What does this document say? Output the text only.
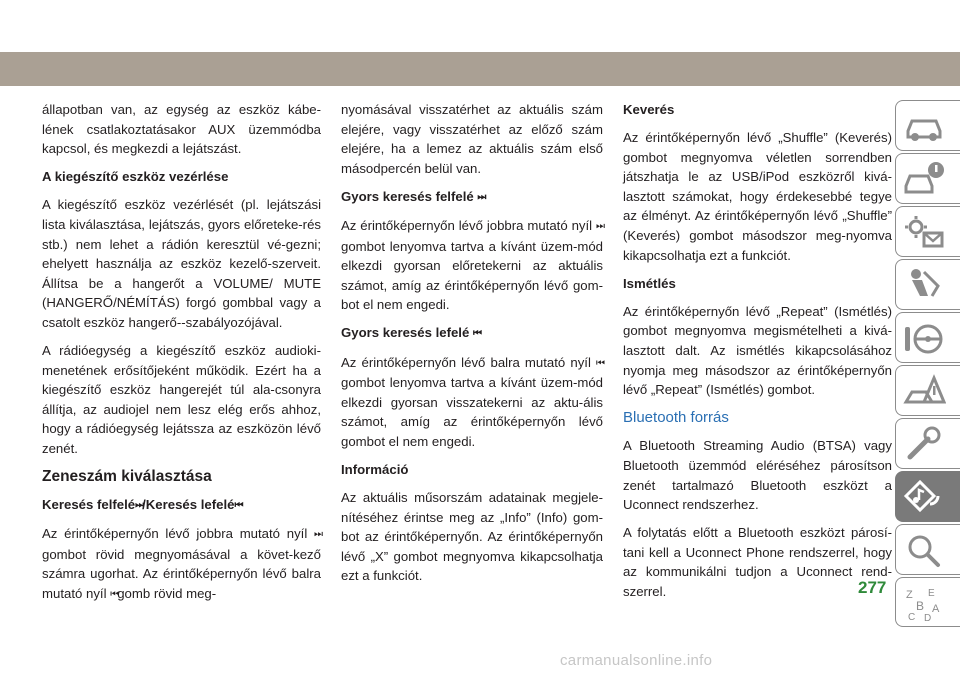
állapotban van, az egység az eszköz kábe-lének csatlakoztatásakor AUX üzemmódba kapcsol, és megkezdi a lejátszást.

A kiegészítő eszköz vezérlése

A kiegészítő eszköz vezérlését (pl. lejátszási lista kiválasztása, lejátszás, gyors előreteke-rés stb.) nem lehet a rádión keresztül vé-gezni; ehelyett használja az eszköz kezelő-szerveit. Állítsa be a hangerőt a VOLUME/ MUTE (HANGERŐ/NÉMÍTÁS) forgó gombbal vagy a csatolt eszköz hangerő--szabályozójával.

A rádióegység a kiegészítő eszköz audioki-menetének erősítőjeként működik. Ezért ha a kiegészítő eszköz hangerejét túl ala-csonyra állítja, az audiojel nem lesz elég erős ahhoz, hogy a rádióegység lejátssza az eszközön lévő zenét.

Zeneszám kiválasztása

Keresés felfelé⏭/Keresés lefelé⏮

Az érintőképernyőn lévő jobbra mutató nyíl ⏭ gombot rövid megnyomásával a követ-kező számra ugorhat. Az érintőképernyőn lévő balra mutató nyíl ⏮gomb rövid meg-

nyomásával visszatérhet az aktuális szám elejére, vagy visszatérhet az előző szám elejére, ha a lemez az aktuális szám első másodpercén belül van.

Gyors keresés felfelé ⏭

Az érintőképernyőn lévő jobbra mutató nyíl ⏭ gombot lenyomva tartva a kívánt üzem-mód elkezdi gyorsan előretekerni az aktuális számot, amíg az érintőképernyőn lévő gom-bot el nem engedi.

Gyors keresés lefelé ⏮

Az érintőképernyőn lévő balra mutató nyíl ⏮ gombot lenyomva tartva a kívánt üzem-mód elkezdi gyorsan visszatekerni az aktu-ális számot, amíg az érintőképernyőn lévő gombot el nem engedi.

Információ

Az aktuális műsorszám adatainak megjele-nítéséhez érintse meg az „Info” (Info) gom-bot az érintőképernyőn. Az érintőképernyőn lévő „X” gombot megnyomva kikapcsolhatja ezt a funkciót.

Keverés

Az érintőképernyőn lévő „Shuffle” (Keverés) gombot megnyomva véletlen sorrendben játszhatja le az USB/iPod eszközről kivá-lasztott számokat, hogy érdekesebbé tegye az élményt. Az érintőképernyőn lévő „Shuffle” (Keverés) gombot másodszor meg-nyomva kikapcsolhatja ezt a funkciót.

Ismétlés

Az érintőképernyőn lévő „Repeat” (Ismétlés) gombot megnyomva megismételheti a kivá-lasztott dalt. Az ismétlés kikapcsolásához nyomja meg másodszor az érintőképernyőn lévő „Repeat” (Ismétlés) gombot.

Bluetooth forrás

A Bluetooth Streaming Audio (BTSA) vagy Bluetooth üzemmód eléréséhez párosítson zenét tartalmazó Bluetooth eszközt a Uconnect rendszerhez.

A folytatás előtt a Bluetooth eszközt párosí-tani kell a Uconnect Phone rendszerrel, hogy az kommunikálni tudjon a Uconnect rend-szerrel.	Z E
B A
C D
277
carmanualsonline.info
